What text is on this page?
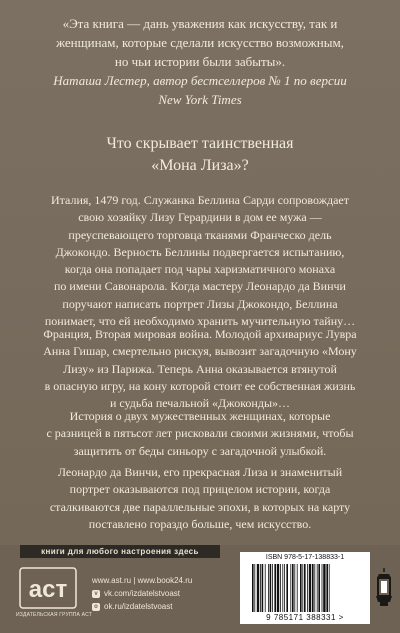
«Эта книга — дань уважения как искусству, так и
женщинам, которые сделали искусство возможным,
но чьи истории были забыты».
Наташа Лестер, автор бестселлеров № 1 по версии
New York Times
Что скрывает таинственная
«Мона Лиза»?
Италия, 1479 год. Служанка Беллина Сарди сопровождает
свою хозяйку Лизу Герардини в дом ее мужа —
преуспевающего торговца тканями Франческо дель
Джокондо. Верность Беллины подвергается испытанию,
когда она попадает под чары харизматичного монаха
по имени Савонарола. Когда мастеру Леонардо да Винчи
поручают написать портрет Лизы Джокондо, Беллина
понимает, что ей необходимо хранить мучительную тайну…
Франция, Вторая мировая война. Молодой архивариус Лувра
Анна Гишар, смертельно рискуя, вывозит загадочную «Мону
Лизу» из Парижа. Теперь Анна оказывается втянутой
в опасную игру, на кону которой стоит ее собственная жизнь
и судьба печальной «Джоконды»…
История о двух мужественных женщинах, которые
с разницей в пятьсот лет рисковали своими жизнями, чтобы
защитить от беды синьору с загадочной улыбкой.
Леонардо да Винчи, его прекрасная Лиза и знаменитый
портрет оказываются под прицелом истории, когда
сталкиваются две параллельные эпохи, в которых на карту
поставлено гораздо больше, чем искусство.
книги для любого настроения здесь
аст
ИЗДАТЕЛЬСКАЯ ГРУППА АСТ
www.ast.ru | www.book24.ru
v vk.com/izdatelstvoast
o ok.ru/izdatelstvoast
ISBN 978-5-17-138833-1
9 785171 388331 >
